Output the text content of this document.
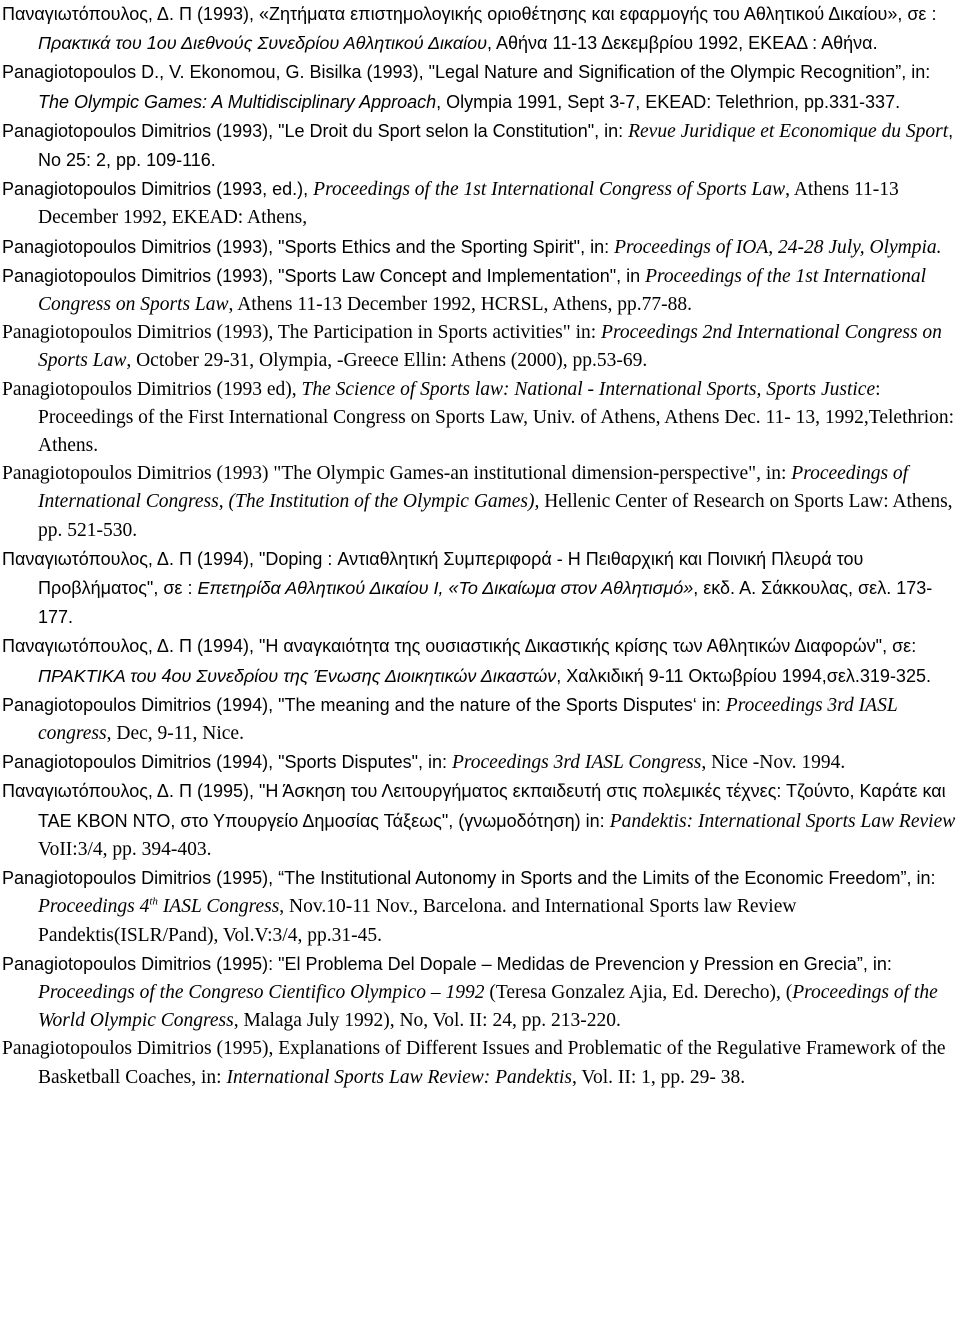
Παναγιωτόπουλος, Δ. Π (1993), «Ζητήματα επιστημολογικής οριοθέτησης και εφαρμογής του Αθλητικού Δικαίου», σε : Πρακτικά του 1ου Διεθνούς Συνεδρίου Αθλητικού Δικαίου, Αθήνα 11-13 Δεκεμβρίου 1992, ΕΚΕΑΔ : Αθήνα.

Panagiotopoulos D., V. Ekonomou, G. Bisilka (1993), "Legal Nature and Signification of the Olympic Recognition”, in: The Olympic Games: A Multidisciplinary Approach, Olympia 1991, Sept 3-7, EKEAD: Telethrion, pp.331-337.

Panagiotopoulos Dimitrios (1993), "Le Droit du Sport selon la Constitution", in: Revue Juridique et Economique du Sport, No 25: 2, pp. 109-116.

Panagiotopoulos Dimitrios (1993, ed.), Proceedings of the 1st International Congress of Sports Law, Athens 11-13 December 1992, EKEAD: Athens,

Panagiotopoulos Dimitrios (1993), "Sports Ethics and the Sporting Spirit", in: Proceedings of IOA, 24-28 July, Olympia.

Panagiotopoulos Dimitrios (1993), "Sports Law Concept and Implementation", in Proceedings of the 1st International Congress on Sports Law, Athens 11-13 December 1992, HCRSL, Athens, pp.77-88.

Panagiotopoulos Dimitrios (1993), The Participation in Sports activities" in: Proceedings 2nd International Congress on Sports Law, October 29-31, Olympia, -Greece Ellin: Athens (2000), pp.53-69.

Panagiotopoulos Dimitrios (1993 ed), The Science of Sports law: National - International Sports, Sports Justice: Proceedings of the First International Congress on Sports Law, Univ. of Athens, Athens Dec. 11- 13, 1992,Telethrion: Athens.

Panagiotopoulos Dimitrios (1993) "The Olympic Games-an institutional dimension-perspective", in: Proceedings of International Congress, (The Institution of the Olympic Games), Hellenic Center of Research on Sports Law: Athens, pp. 521-530.

Παναγιωτόπουλος, Δ. Π (1994), "Doping : Αντιαθλητική Συμπεριφορά - Η Πειθαρχική και Ποινική Πλευρά του Προβλήματος", σε : Επετηρίδα Αθλητικού Δικαίου Ι, «Το Δικαίωμα στον Αθλητισμό», εκδ. Α. Σάκκουλας, σελ. 173-177.

Παναγιωτόπουλος, Δ. Π (1994), "Η αναγκαιότητα της ουσιαστικής Δικαστικής κρίσης των Αθλητικών Διαφορών", σε: ΠΡΑΚΤΙΚΑ του 4ου Συνεδρίου της Ένωσης Διοικητικών Δικαστών, Χαλκιδική 9-11 Οκτωβρίου 1994,σελ.319-325.

Panagiotopoulos Dimitrios (1994), "The meaning and the nature of the Sports Disputes‘ in: Proceedings 3rd IASL congress, Dec, 9-11, Nice.

Panagiotopoulos Dimitrios (1994), "Sports Disputes", in: Proceedings 3rd IASL Congress, Nice -Nov. 1994.

Παναγιωτόπουλος, Δ. Π (1995), "Η Άσκηση του Λειτουργήματος εκπαιδευτή στις πολεμικές τέχνες: Τζούντο, Καράτε και ΤΑΕ ΚΒΟΝ ΝΤΟ, στο Υπουργείο Δημοσίας Τάξεως", (γνωμοδότηση) in: Pandektis: International Sports Law Review VoII:3/4, pp. 394-403.

Panagiotopoulos Dimitrios (1995), “The Institutional Autonomy in Sports and the Limits of the Economic Freedom”, in: Proceedings 4th IASL Congress, Nov.10-11 Nov., Barcelona. and International Sports law Review Pandektis(ISLR/Pand), Vol.V:3/4, pp.31-45.

Panagiotopoulos Dimitrios (1995): "El Problema Del Dopale – Medidas de Prevencion y Pression en Grecia”, in: Proceedings of the Congreso Cientifico Olympico – 1992 (Teresa Gonzalez Ajia, Ed. Derecho), (Proceedings of the World Olympic Congress, Malaga July 1992), No, Vol. II: 24, pp. 213-220.

Panagiotopoulos Dimitrios (1995), Explanations of Different Issues and Problematic of the Regulative Framework of the Basketball Coaches, in: International Sports Law Review: Pandektis, Vol. II: 1, pp. 29- 38.
